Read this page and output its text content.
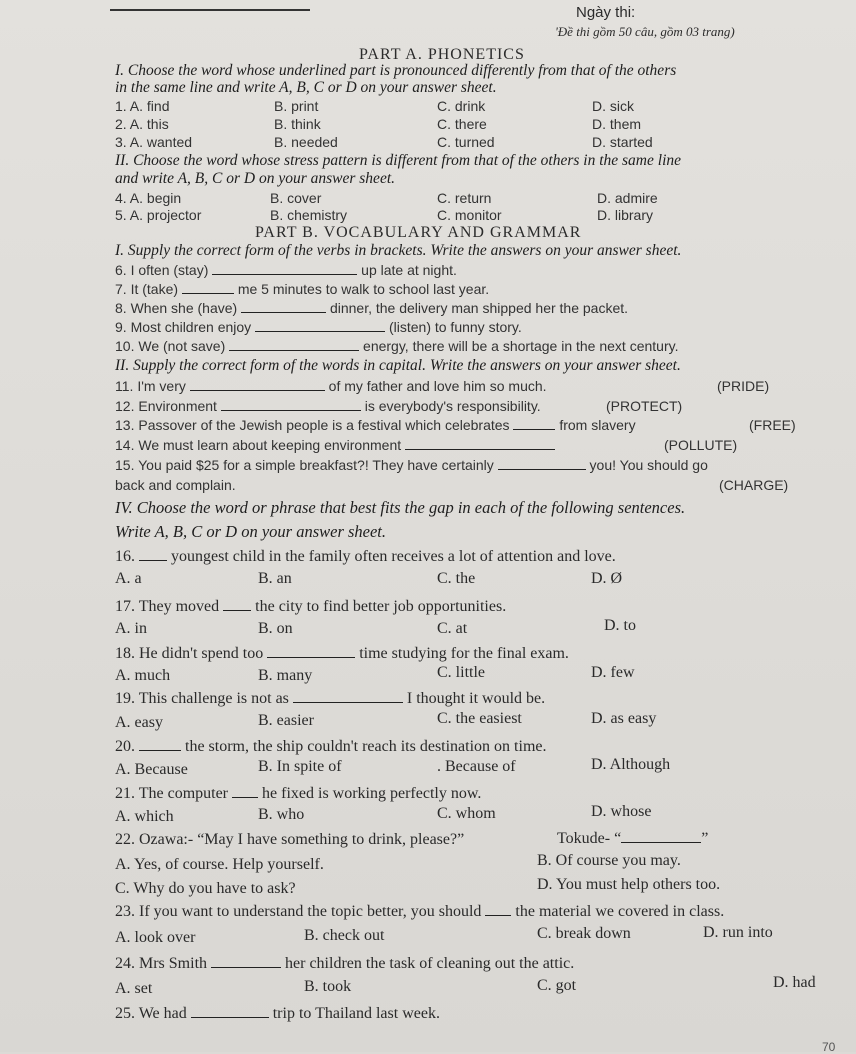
Ngày thi:
'Đề thi gồm 50 câu, gồm 03 trang)
PART A. PHONETICS
I. Choose the word whose underlined part is pronounced differently from that of the others
in the same line and write A, B, C or D on your answer sheet.
1. A. find	B. print	C. drink	D. sick
2. A. this	B. think	C. there	D. them
3. A. wanted	B. needed	C. turned	D. started
II. Choose the word whose stress pattern is different from that of the others in the same line
and write A, B, C or D on your answer sheet.
4. A. begin	B. cover	C. return	D. admire
5. A. projector	B. chemistry	C. monitor	D. library
PART B. VOCABULARY AND GRAMMAR
I. Supply the correct form of the verbs in brackets. Write the answers on your answer sheet.
6. I often (stay)	up late at night.
7. It (take)	me 5 minutes to walk to school last year.
8. When she (have)	dinner, the delivery man shipped her the packet.
9. Most children enjoy	(listen) to funny story.
10. We (not save)	energy, there will be a shortage in the next century.
II. Supply the correct form of the words in capital. Write the answers on your answer sheet.
11. I'm very	of my father and love him so much.	(PRIDE)
12. Environment	is everybody's responsibility.	(PROTECT)
13. Passover of the Jewish people is a festival which celebrates	from slavery	(FREE)
14. We must learn about keeping environment	(POLLUTE)
15. You paid $25 for a simple breakfast?! They have certainly	you! You should go
back and complain.	(CHARGE)
IV. Choose the word or phrase that best fits the gap in each of the following sentences.
Write A, B, C or D on your answer sheet.
16. youngest child in the family often receives a lot of attention and love.
A. a	B. an	C. the	D. Ø
17. They moved the city to find better job opportunities.
A. in	B. on	C. at	D. to
18. He didn't spend too	time studying for the final exam.
A. much	B. many	C. little	D. few
19. This challenge is not as	I thought it would be.
A. easy	B. easier	C. the easiest	D. as easy
20.	the storm, the ship couldn't reach its destination on time.
A. Because	B. In spite of	. Because of	D. Although
21. The computer he fixed is working perfectly now.
A. which	B. who	C. whom	D. whose
22. Ozawa:- “May I have something to drink, please?”	Tokude- “	”
A. Yes, of course. Help yourself.	B. Of course you may.
C. Why do you have to ask?	D. You must help others too.
23. If you want to understand the topic better, you should the material we covered in class.
A. look over	B. check out	C. break down	D. run into
24. Mrs Smith	her children the task of cleaning out the attic.
A. set	B. took	C. got	D. had
25. We had	trip to Thailand last week.
70
